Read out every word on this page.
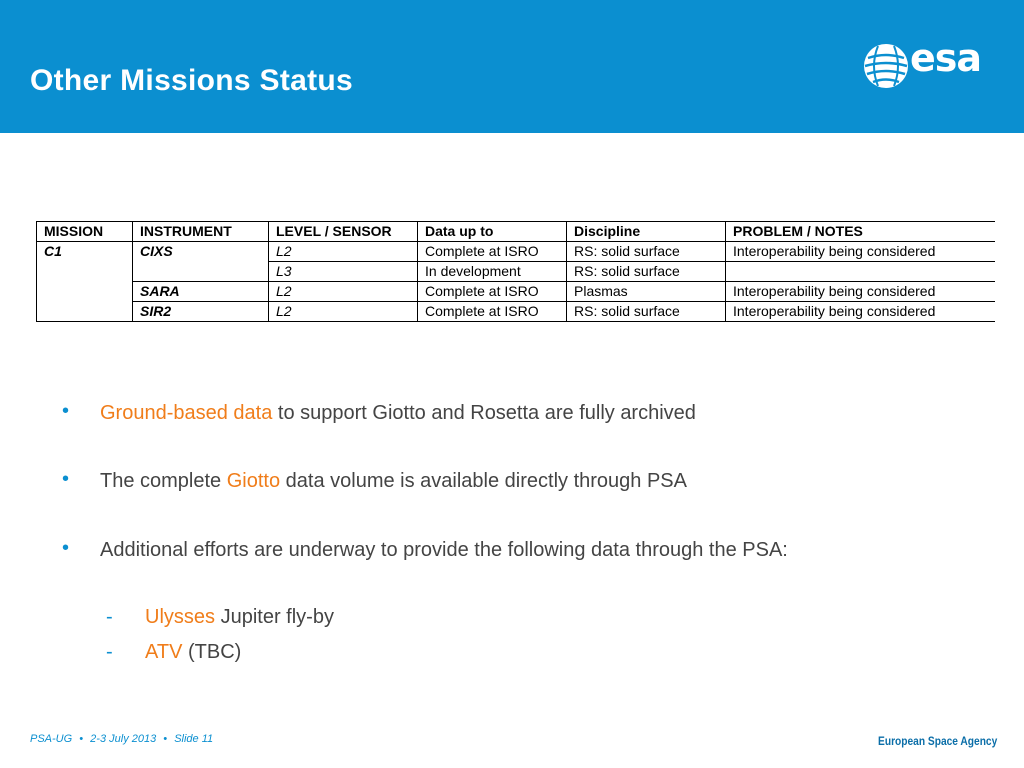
Other Missions Status
esa
MISSION	INSTRUMENT	LEVEL / SENSOR	Data up to	Discipline	PROBLEM / NOTES
C1	CIXS	L2	Complete at ISRO	RS: solid surface	Interoperability being considered
		L3	In development	RS: solid surface	
	SARA	L2	Complete at ISRO	Plasmas	Interoperability being considered
	SIR2	L2	Complete at ISRO	RS: solid surface	Interoperability being considered
• Ground-based data to support Giotto and Rosetta are fully archived
• The complete Giotto data volume is available directly through PSA
• Additional efforts are underway to provide the following data through the PSA:
- Ulysses Jupiter fly-by
- ATV (TBC)
PSA-UG • 2-3 July 2013 • Slide 11	European Space Agency
